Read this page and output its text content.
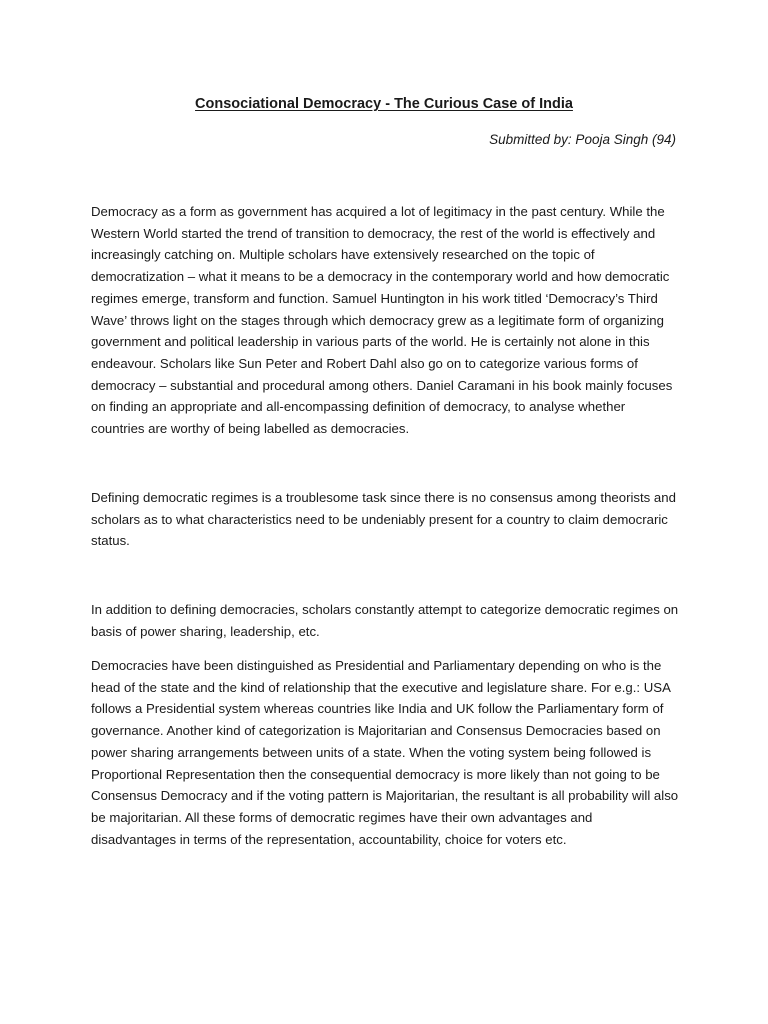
Consociational Democracy - The Curious Case of India
Submitted by: Pooja Singh (94)

Democracy as a form as government has acquired a lot of legitimacy in the past century. While the Western World started the trend of transition to democracy, the rest of the world is effectively and increasingly catching on. Multiple scholars have extensively researched on the topic of democratization – what it means to be a democracy in the contemporary world and how democratic regimes emerge, transform and function. Samuel Huntington in his work titled ‘Democracy’s Third Wave’ throws light on the stages through which democracy grew as a legitimate form of organizing government and political leadership in various parts of the world. He is certainly not alone in this endeavour. Scholars like Sun Peter and Robert Dahl also go on to categorize various forms of democracy – substantial and procedural among others. Daniel Caramani in his book mainly focuses on finding an appropriate and all-encompassing definition of democracy, to analyse whether countries are worthy of being labelled as democracies.

Defining democratic regimes is a troublesome task since there is no consensus among theorists and scholars as to what characteristics need to be undeniably present for a country to claim democraric status.

In addition to defining democracies, scholars constantly attempt to categorize democratic regimes on basis of power sharing, leadership, etc.

Democracies have been distinguished as Presidential and Parliamentary depending on who is the head of the state and the kind of relationship that the executive and legislature share. For e.g.: USA follows a Presidential system whereas countries like India and UK follow the Parliamentary form of governance. Another kind of categorization is Majoritarian and Consensus Democracies based on power sharing arrangements between units of a state. When the voting system being followed is Proportional Representation then the consequential democracy is more likely than not going to be Consensus Democracy and if the voting pattern is Majoritarian, the resultant is all probability will also be majoritarian. All these forms of democratic regimes have their own advantages and disadvantages in terms of the representation, accountability, choice for voters etc.
